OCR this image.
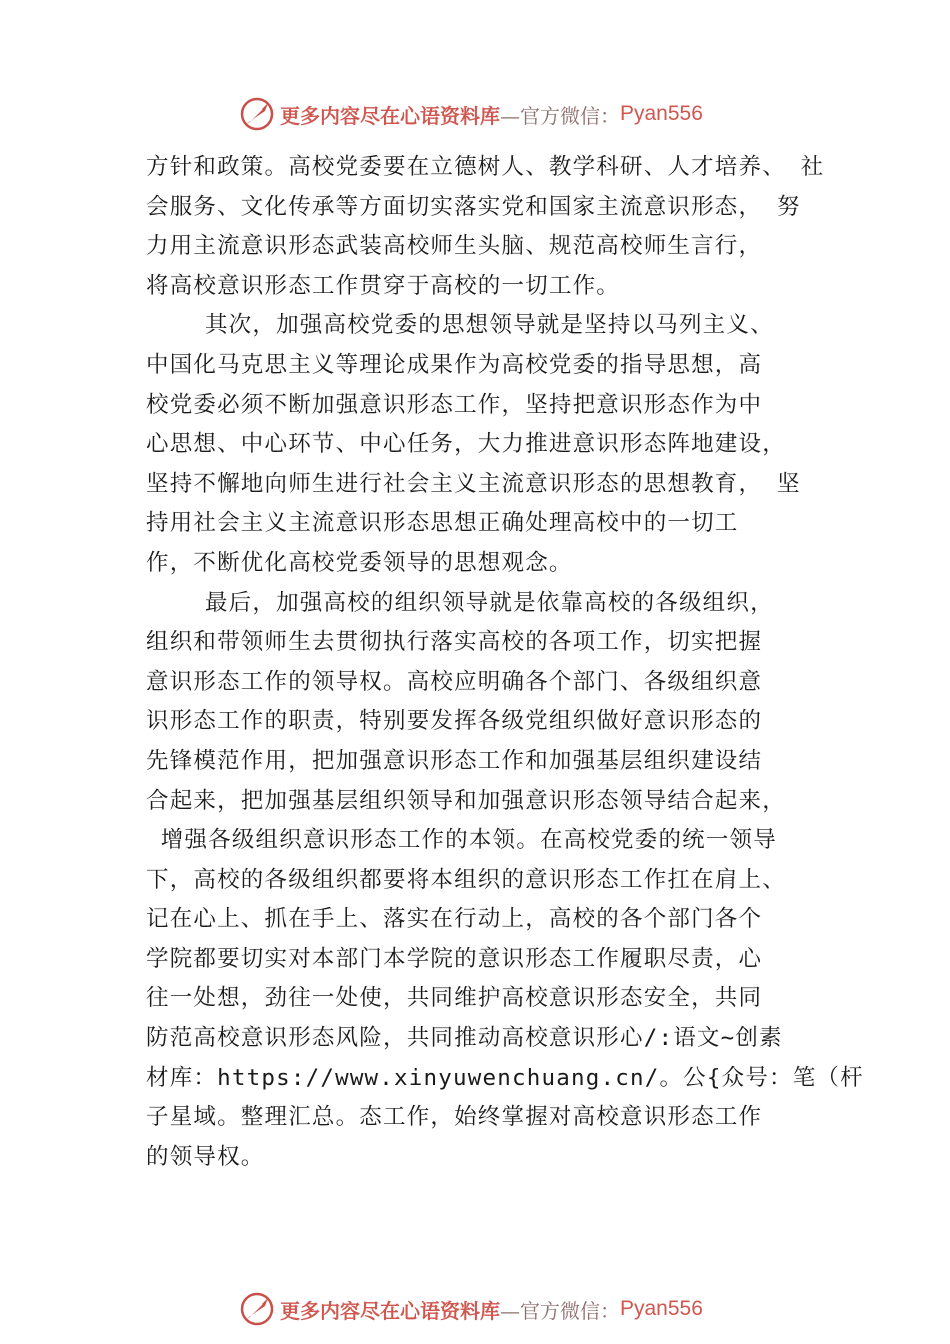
更多内容尽在心语资料库 —官方微信： Pyan556
方针和政策。高校党委要在立德树人、教学科研、人才培养、 社
会服务、文化传承等方面切实落实党和国家主流意识形态， 努
力用主流意识形态武装高校师生头脑、规范高校师生言行，
将高校意识形态工作贯穿于高校的一切工作。
其次，加强高校党委的思想领导就是坚持以马列主义、
中国化马克思主义等理论成果作为高校党委的指导思想，高
校党委必须不断加强意识形态工作，坚持把意识形态作为中
心思想、中心环节、中心任务，大力推进意识形态阵地建设，
坚持不懈地向师生进行社会主义主流意识形态的思想教育， 坚
持用社会主义主流意识形态思想正确处理高校中的一切工
作，不断优化高校党委领导的思想观念。
最后，加强高校的组织领导就是依靠高校的各级组织，
组织和带领师生去贯彻执行落实高校的各项工作，切实把握
意识形态工作的领导权。高校应明确各个部门、各级组织意
识形态工作的职责，特别要发挥各级党组织做好意识形态的
先锋模范作用，把加强意识形态工作和加强基层组织建设结
合起来，把加强基层组织领导和加强意识形态领导结合起来，
增强各级组织意识形态工作的本领。在高校党委的统一领导
下，高校的各级组织都要将本组织的意识形态工作扛在肩上、
记在心上、抓在手上、落实在行动上，高校的各个部门各个
学院都要切实对本部门本学院的意识形态工作履职尽责，心
往一处想，劲往一处使，共同维护高校意识形态安全，共同
防范高校意识形态风险，共同推动高校意识形心/:语文~创素
材库：https://www.xinyuwenchuang.cn/。公{众号：笔（杆
子星域。整理汇总。态工作，始终掌握对高校意识形态工作
的领导权。
更多内容尽在心语资料库 —官方微信： Pyan556
